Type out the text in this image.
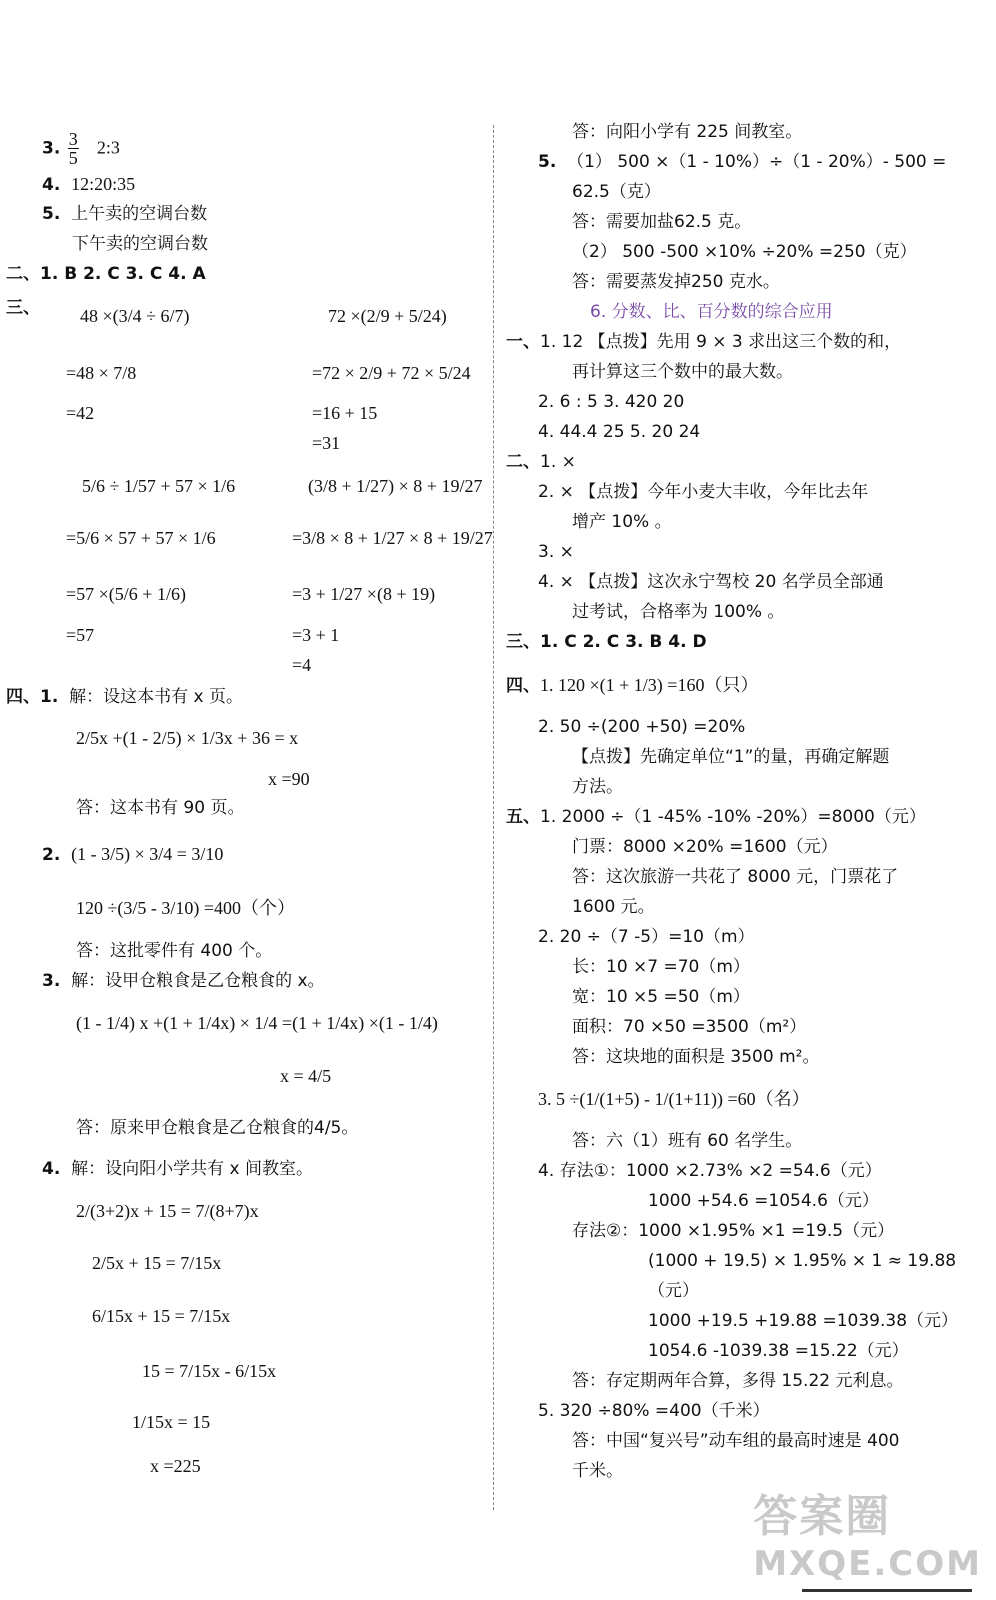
3. $\frac{3}{5}$ 2:3
4. 12:20:35
5. 上午卖的空调台数
下午卖的空调台数
二、1. B 2. C 3. C 4. A
三、 48 ×(3/4 ÷ 6/7)
=48 × 7/8
=42
72 ×(2/9 + 5/24)
=72 × 2/9 + 72 × 5/24
=16 + 15
=31
5/6 ÷ 1/57 + 57 × 1/6
=5/6 × 57 + 57 × 1/6
=57 ×(5/6 + 1/6)
=57
(3/8 + 1/27) × 8 + 19/27
=3/8 × 8 + 1/27 × 8 + 19/27
=3 + 1/27 ×(8 + 19)
=3 + 1
=4
四、1. 解：设这本书有 x 页。
2/5x +(1 - 2/5) × 1/3x + 36 = x
x =90
答：这本书有 90 页。
2. (1 - 3/5) × 3/4 = 3/10
120 ÷(3/5 - 3/10) =400（个）
答：这批零件有 400 个。
3. 解：设甲仓粮食是乙仓粮食的 x。
(1 - 1/4) x +(1 + 1/4x) × 1/4 =(1 + 1/4x) ×(1 - 1/4)
x = 4/5
答：原来甲仓粮食是乙仓粮食的4/5。
4. 解：设向阳小学共有 x 间教室。
2/(3+2)x + 15 = 7/(8+7)x
2/5x + 15 = 7/15x
6/15x + 15 = 7/15x
15 = 7/15x - 6/15x
1/15x = 15
x =225
答：向阳小学有 225 间教室。
5. （1） 500 ×（1 - 10%）÷（1 - 20%）- 500 =
62.5（克）
答：需要加盐62.5 克。
（2） 500 -500 ×10% ÷20% =250（克）
答：需要蒸发掉250 克水。
6. 分数、比、百分数的综合应用
一、1. 12 【点拨】先用 9 × 3 求出这三个数的和，
再计算这三个数中的最大数。
2. 6 : 5 3. 420 20
4. 44.4 25 5. 20 24
二、1. ×
2. × 【点拨】今年小麦大丰收，今年比去年
增产 10% 。
3. ×
4. × 【点拨】这次永宁驾校 20 名学员全部通
过考试，合格率为 100% 。
三、1. C 2. C 3. B 4. D
四、1. 120 ×(1 + 1/3) =160（只）
2. 50 ÷(200 +50) =20%
【点拨】先确定单位“1”的量，再确定解题
方法。
五、1. 2000 ÷（1 -45% -10% -20%）=8000（元）
门票：8000 ×20% =1600（元）
答：这次旅游一共花了 8000 元，门票花了
1600 元。
2. 20 ÷（7 -5）=10（m）
长：10 ×7 =70（m）
宽：10 ×5 =50（m）
面积：70 ×50 =3500（m²）
答：这块地的面积是 3500 m²。
3. 5 ÷(1/(1+5) - 1/(1+11)) =60（名）
答：六（1）班有 60 名学生。
4. 存法①：1000 ×2.73% ×2 =54.6（元）
1000 +54.6 =1054.6（元）
存法②：1000 ×1.95% ×1 =19.5（元）
(1000 + 19.5) × 1.95% × 1 ≈ 19.88
（元）
1000 +19.5 +19.88 =1039.38（元）
1054.6 -1039.38 =15.22（元）
答：存定期两年合算，多得 15.22 元利息。
5. 320 ÷80% =400（千米）
答：中国“复兴号”动车组的最高时速是 400
千米。
答案圈
MXQE.COM
